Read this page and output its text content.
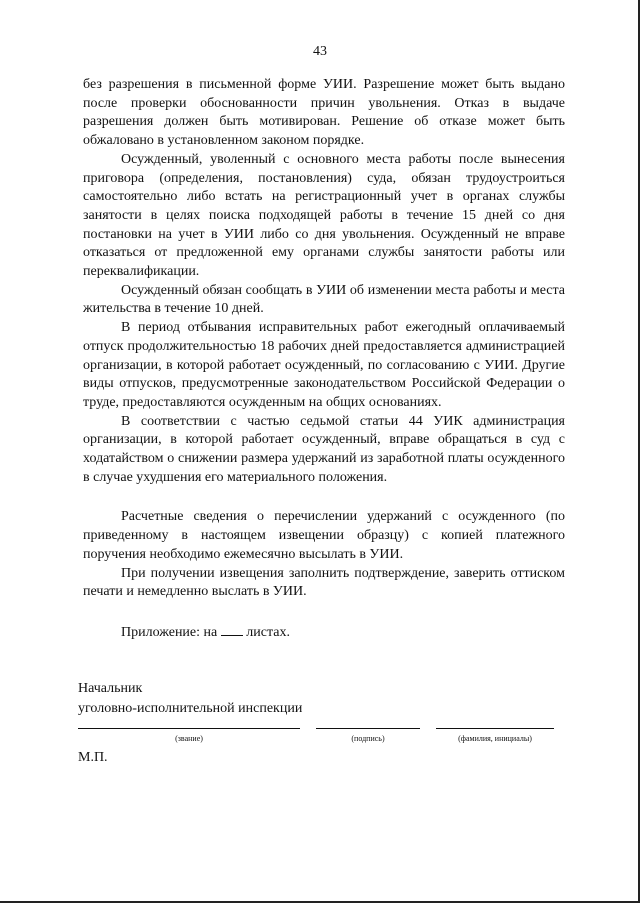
43

без разрешения в письменной форме УИИ. Разрешение может быть выдано после проверки обоснованности причин увольнения. Отказ в выдаче разрешения должен быть мотивирован. Решение об отказе может быть обжаловано в установленном законом порядке.

Осужденный, уволенный с основного места работы после вынесения приговора (определения, постановления) суда, обязан трудоустроиться самостоятельно либо встать на регистрационный учет в органах службы занятости в целях поиска подходящей работы в течение 15 дней со дня постановки на учет в УИИ либо со дня увольнения. Осужденный не вправе отказаться от предложенной ему органами службы занятости работы или переквалификации.

Осужденный обязан сообщать в УИИ об изменении места работы и места жительства в течение 10 дней.

В период отбывания исправительных работ ежегодный оплачиваемый отпуск продолжительностью 18 рабочих дней предоставляется администрацией организации, в которой работает осужденный, по согласованию с УИИ. Другие виды отпусков, предусмотренные законодательством Российской Федерации о труде, предоставляются осужденным на общих основаниях.

В соответствии с частью седьмой статьи 44 УИК администрация организации, в которой работает осужденный, вправе обращаться в суд с ходатайством о снижении размера удержаний из заработной платы осужденного в случае ухудшения его материального положения.

Расчетные сведения о перечислении удержаний с осужденного (по приведенному в настоящем извещении образцу) с копией платежного поручения необходимо ежемесячно высылать в УИИ.

При получении извещения заполнить подтверждение, заверить оттиском печати и немедленно выслать в УИИ.

Приложение: на листах.

Начальник
уголовно-исполнительной инспекции
(звание)	(подпись)	(фамилия, инициалы)
М.П.
